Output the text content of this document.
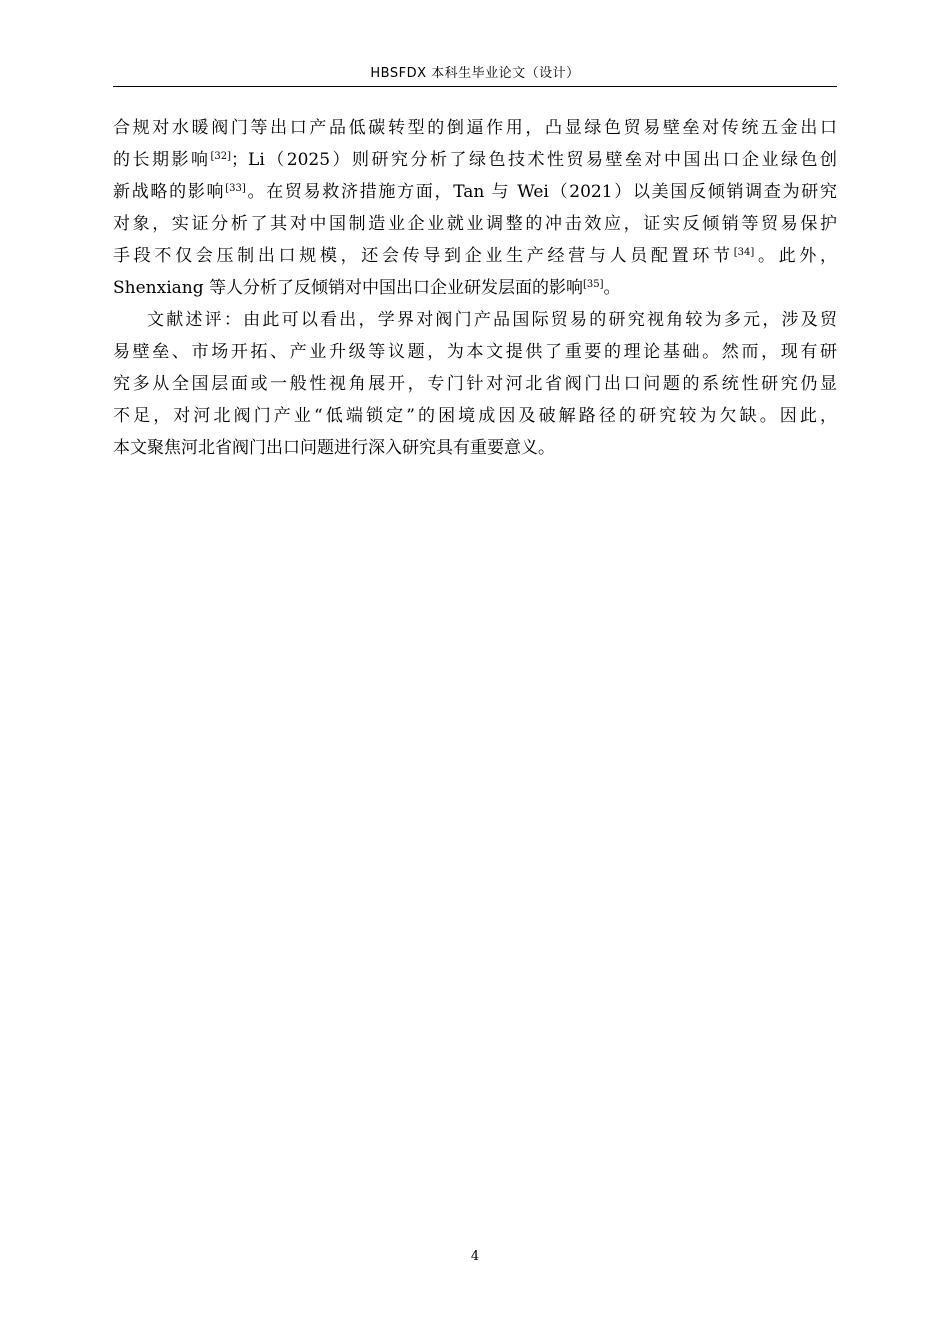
HBSFDX 本科生毕业论文（设计）
合规对水暖阀门等出口产品低碳转型的倒逼作用，凸显绿色贸易壁垒对传统五金出口
的长期影响[32]；Li（2025）则研究分析了绿色技术性贸易壁垒对中国出口企业绿色创
新战略的影响[33]。在贸易救济措施方面，Tan 与 Wei（2021）以美国反倾销调查为研究
对象，实证分析了其对中国制造业企业就业调整的冲击效应，证实反倾销等贸易保护
手段不仅会压制出口规模，还会传导到企业生产经营与人员配置环节[34]。此外，
Shenxiang 等人分析了反倾销对中国出口企业研发层面的影响[35]。
文献述评：由此可以看出，学界对阀门产品国际贸易的研究视角较为多元，涉及贸
易壁垒、市场开拓、产业升级等议题，为本文提供了重要的理论基础。然而，现有研
究多从全国层面或一般性视角展开，专门针对河北省阀门出口问题的系统性研究仍显
不足，对河北阀门产业“低端锁定”的困境成因及破解路径的研究较为欠缺。因此，
本文聚焦河北省阀门出口问题进行深入研究具有重要意义。
4
